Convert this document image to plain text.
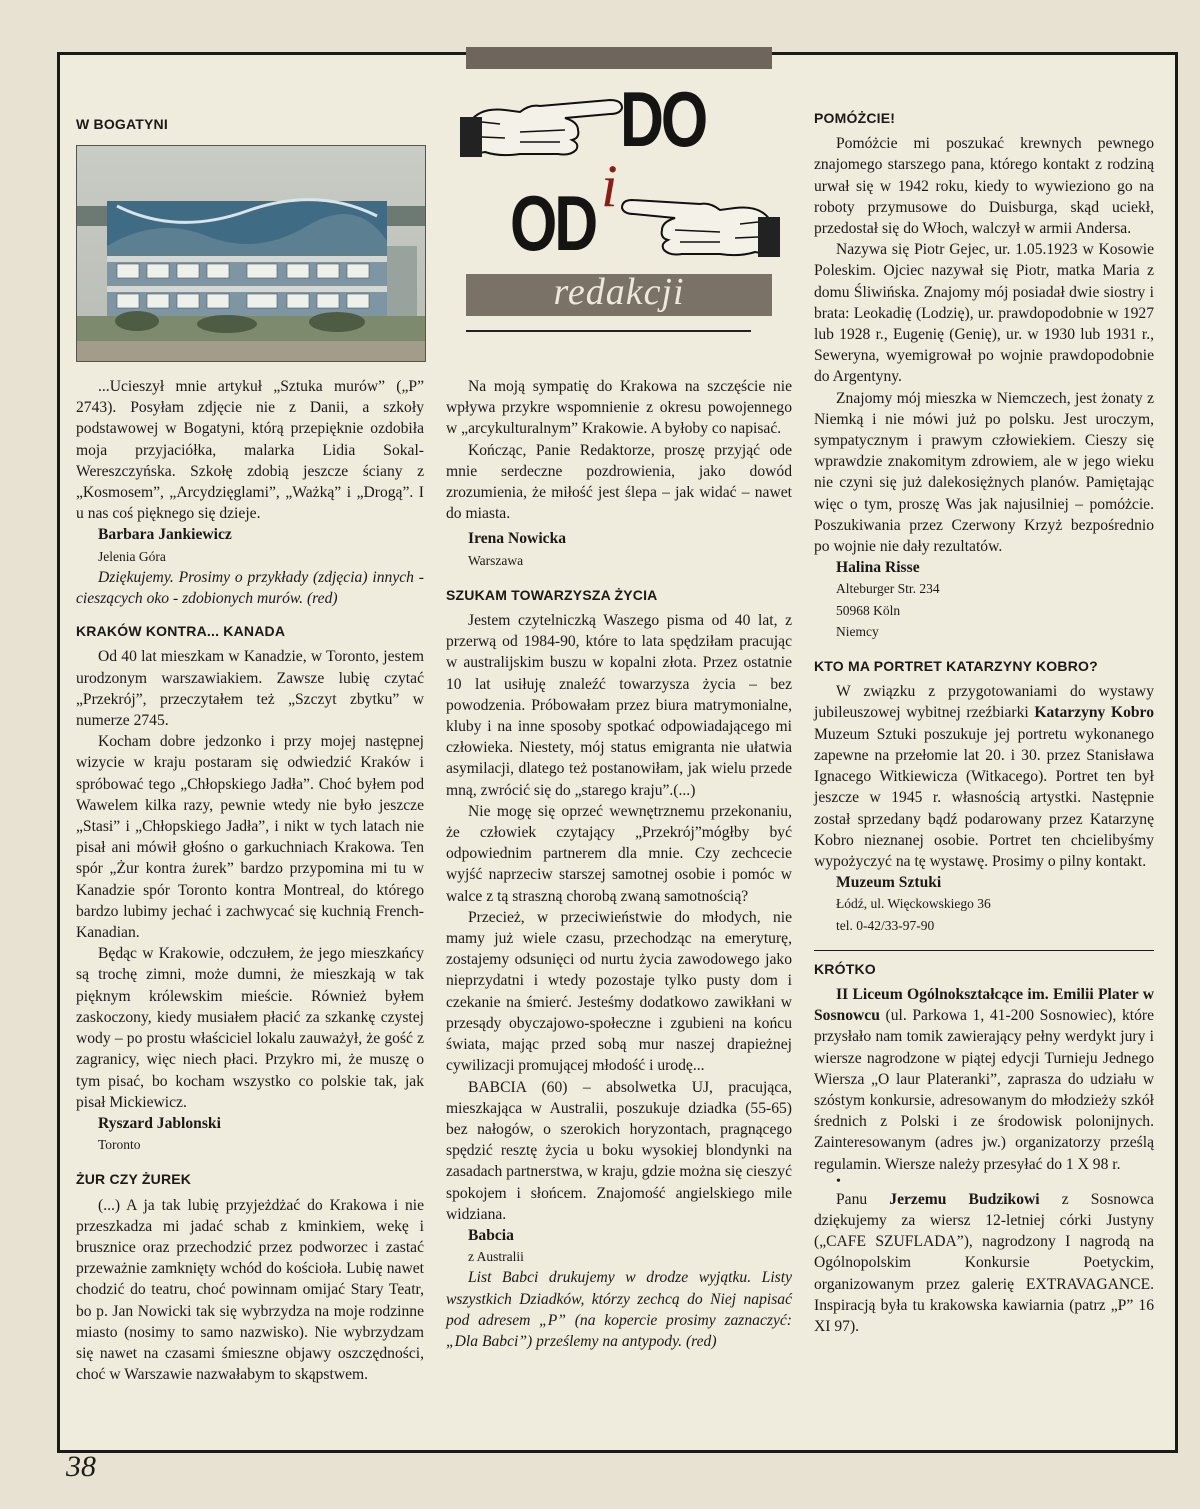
DO
i
OD
redakcji
W BOGATYNI

...Ucieszył mnie artykuł „Sztuka murów” („P” 2743). Posyłam zdjęcie nie z Danii, a szkoły podstawowej w Bogatyni, którą przepięknie ozdobiła moja przyjaciółka, malarka Lidia Sokal-Wereszczyńska. Szkołę zdobią jeszcze ściany z „Kosmosem”, „Arcydzięglami”, „Ważką” i „Drogą”. I u nas coś pięknego się dzieje.

Barbara Jankiewicz

Jelenia Góra

Dziękujemy. Prosimy o przykłady (zdjęcia) innych - cieszących oko - zdobionych murów. (red)

KRAKÓW KONTRA... KANADA

Od 40 lat mieszkam w Kanadzie, w Toronto, jestem urodzonym warszawiakiem. Zawsze lubię czytać „Przekrój”, przeczytałem też „Szczyt zbytku” w numerze 2745.

Kocham dobre jedzonko i przy mojej następnej wizycie w kraju postaram się odwiedzić Kraków i spróbować tego „Chłopskiego Jadła”. Choć byłem pod Wawelem kilka razy, pewnie wtedy nie było jeszcze „Stasi” i „Chłopskiego Jadła”, i nikt w tych latach nie pisał ani mówił głośno o garkuchniach Krakowa. Ten spór „Żur kontra żurek” bardzo przypomina mi tu w Kanadzie spór Toronto kontra Montreal, do którego bardzo lubimy jechać i zachwycać się kuchnią French-Kanadian.

Będąc w Krakowie, odczułem, że jego mieszkańcy są trochę zimni, może dumni, że mieszkają w tak pięknym królewskim mieście. Również byłem zaskoczony, kiedy musiałem płacić za szkankę czystej wody – po prostu właściciel lokalu zauważył, że gość z zagranicy, więc niech płaci. Przykro mi, że muszę o tym pisać, bo kocham wszystko co polskie tak, jak pisał Mickiewicz.

Ryszard Jablonski

Toronto

ŻUR CZY ŻUREK

(...) A ja tak lubię przyjeżdżać do Krakowa i nie przeszkadza mi jadać schab z kminkiem, wekę i brusznice oraz przechodzić przez podworzec i zastać przeważnie zamknięty wchód do kościoła. Lubię nawet chodzić do teatru, choć powinnam omijać Stary Teatr, bo p. Jan Nowicki tak się wybrzydza na moje rodzinne miasto (nosimy to samo nazwisko). Nie wybrzydzam się nawet na czasami śmieszne objawy oszczędności, choć w Warszawie nazwałabym to skąpstwem.

Na moją sympatię do Krakowa na szczęście nie wpływa przykre wspomnienie z okresu powojennego w „arcykulturalnym” Krakowie. A byłoby co napisać.

Kończąc, Panie Redaktorze, proszę przyjąć ode mnie serdeczne pozdrowienia, jako dowód zrozumienia, że miłość jest ślepa – jak widać – nawet do miasta.

Irena Nowicka

Warszawa

SZUKAM TOWARZYSZA ŻYCIA

Jestem czytelniczką Waszego pisma od 40 lat, z przerwą od 1984-90, które to lata spędziłam pracując w australijskim buszu w kopalni złota. Przez ostatnie 10 lat usiłuję znaleźć towarzysza życia – bez powodzenia. Próbowałam przez biura matrymonialne, kluby i na inne sposoby spotkać odpowiadającego mi człowieka. Niestety, mój status emigranta nie ułatwia asymilacji, dlatego też postanowiłam, jak wielu przede mną, zwrócić się do „starego kraju”.(...)

Nie mogę się oprzeć wewnętrznemu przekonaniu, że człowiek czytający „Przekrój”mógłby być odpowiednim partnerem dla mnie. Czy zechcecie wyjść naprzeciw starszej samotnej osobie i pomóc w walce z tą straszną chorobą zwaną samotnością?

Przecież, w przeciwieństwie do młodych, nie mamy już wiele czasu, przechodząc na emeryturę, zostajemy odsunięci od nurtu życia zawodowego jako nieprzydatni i wtedy pozostaje tylko pusty dom i czekanie na śmierć. Jesteśmy dodatkowo zawikłani w przesądy obyczajowo-społeczne i zgubieni na końcu świata, mając przed sobą mur naszej drapieżnej cywilizacji promującej młodość i urodę...

BABCIA (60) – absolwetka UJ, pracująca, mieszkająca w Australii, poszukuje dziadka (55-65) bez nałogów, o szerokich horyzontach, pragnącego spędzić resztę życia u boku wysokiej blondynki na zasadach partnerstwa, w kraju, gdzie można się cieszyć spokojem i słońcem. Znajomość angielskiego mile widziana.

Babcia

z Australii

List Babci drukujemy w drodze wyjątku. Listy wszystkich Dziadków, którzy zechcą do Niej napisać pod adresem „P” (na kopercie prosimy zaznaczyć: „Dla Babci”) prześlemy na antypody. (red)

POMÓŻCIE!

Pomóżcie mi poszukać krewnych pewnego znajomego starszego pana, którego kontakt z rodziną urwał się w 1942 roku, kiedy to wywieziono go na roboty przymusowe do Duisburga, skąd uciekł, przedostał się do Włoch, walczył w armii Andersa.

Nazywa się Piotr Gejec, ur. 1.05.1923 w Kosowie Poleskim. Ojciec nazywał się Piotr, matka Maria z domu Śliwińska. Znajomy mój posiadał dwie siostry i brata: Leokadię (Lodzię), ur. prawdopodobnie w 1927 lub 1928 r., Eugenię (Genię), ur. w 1930 lub 1931 r., Seweryna, wyemigrował po wojnie prawdopodobnie do Argentyny.

Znajomy mój mieszka w Niemczech, jest żonaty z Niemką i nie mówi już po polsku. Jest uroczym, sympatycznym i prawym człowiekiem. Cieszy się wprawdzie znakomitym zdrowiem, ale w jego wieku nie czyni się już dalekosiężnych planów. Pamiętając więc o tym, proszę Was jak najusilniej – pomóżcie. Poszukiwania przez Czerwony Krzyż bezpośrednio po wojnie nie dały rezultatów.

Halina Risse

Alteburger Str. 234

50968 Köln

Niemcy

KTO MA PORTRET KATARZYNY KOBRO?

W związku z przygotowaniami do wystawy jubileuszowej wybitnej rzeźbiarki Katarzyny Kobro Muzeum Sztuki poszukuje jej portretu wykonanego zapewne na przełomie lat 20. i 30. przez Stanisława Ignacego Witkiewicza (Witkacego). Portret ten był jeszcze w 1945 r. własnością artystki. Następnie został sprzedany bądź podarowany przez Katarzynę Kobro nieznanej osobie. Portret ten chcielibyśmy wypożyczyć na tę wystawę. Prosimy o pilny kontakt.

Muzeum Sztuki

Łódź, ul. Więckowskiego 36

tel. 0-42/33-97-90

KRÓTKO

II Liceum Ogólnokształcące im. Emilii Plater w Sosnowcu (ul. Parkowa 1, 41-200 Sosnowiec), które przysłało nam tomik zawierający pełny werdykt jury i wiersze nagrodzone w piątej edycji Turnieju Jednego Wiersza „O laur Plateranki”, zaprasza do udziału w szóstym konkursie, adresowanym do młodzieży szkół średnich z Polski i ze środowisk polonijnych. Zainteresowanym (adres jw.) organizatorzy prześlą regulamin. Wiersze należy przesyłać do 1 X 98 r.

•

Panu Jerzemu Budzikowi z Sosnowca dziękujemy za wiersz 12-letniej córki Justyny („CAFE SZUFLADA”), nagrodzony I nagrodą na Ogólnopolskim Konkursie Poetyckim, organizowanym przez galerię EXTRAVAGANCE. Inspiracją była tu krakowska kawiarnia (patrz „P” 16 XI 97).

38
